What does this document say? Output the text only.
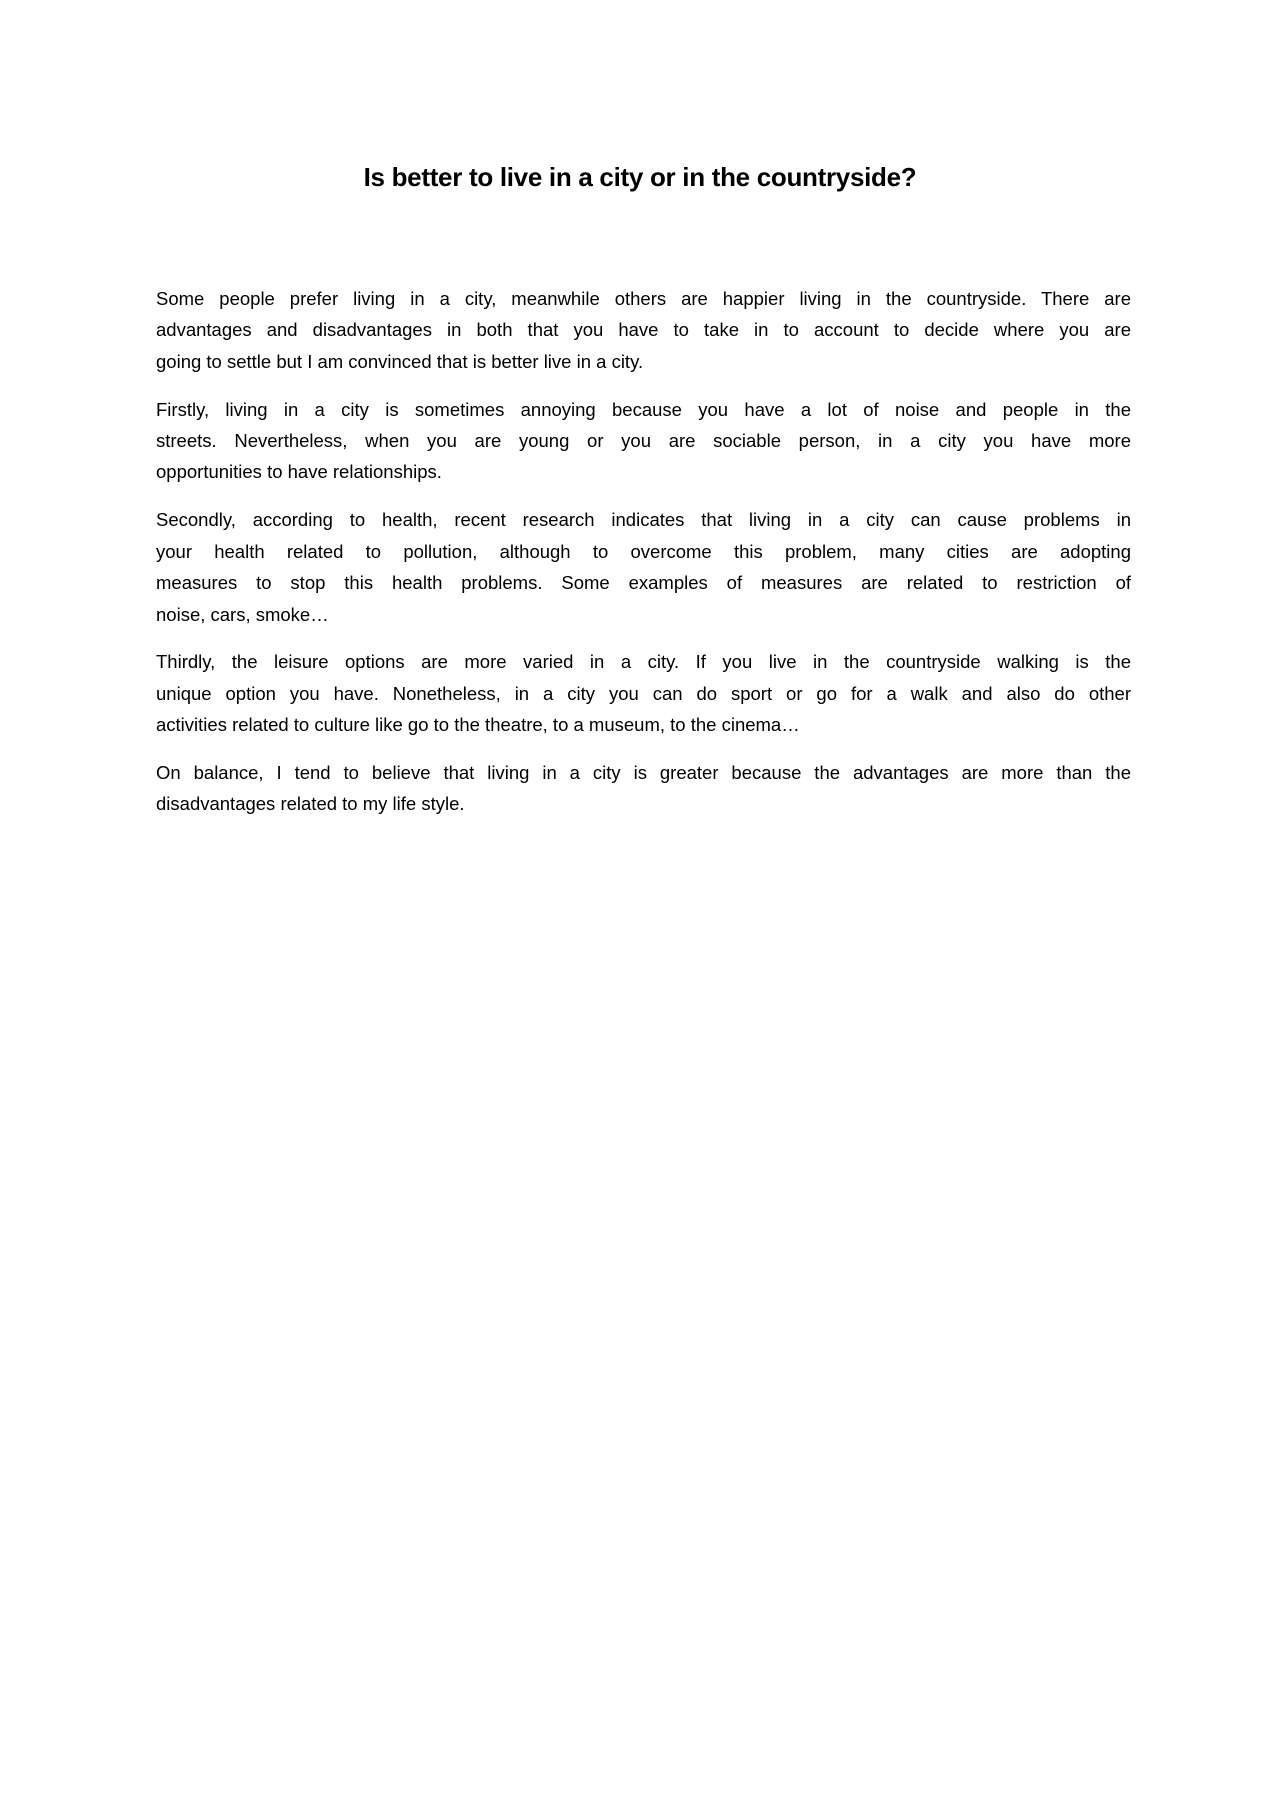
Is better to live in a city or in the countryside?
Some people prefer living in a city, meanwhile others are happier living in the countryside. There are
advantages and disadvantages in both that you have to take in to account to decide where you are
going to settle but I am convinced that is better live in a city.
Firstly, living in a city is sometimes annoying because you have a lot of noise and people in the
streets. Nevertheless, when you are young or you are sociable person, in a city you have more
opportunities to have relationships.
Secondly, according to health, recent research indicates that living in a city can cause problems in
your health related to pollution, although to overcome this problem, many cities are adopting
measures to stop this health problems. Some examples of measures are related to restriction of
noise, cars, smoke…
Thirdly, the leisure options are more varied in a city. If you live in the countryside walking is the
unique option you have. Nonetheless, in a city you can do sport or go for a walk and also do other
activities related to culture like go to the theatre, to a museum, to the cinema…
On balance, I tend to believe that living in a city is greater because the advantages are more than the
disadvantages related to my life style.
